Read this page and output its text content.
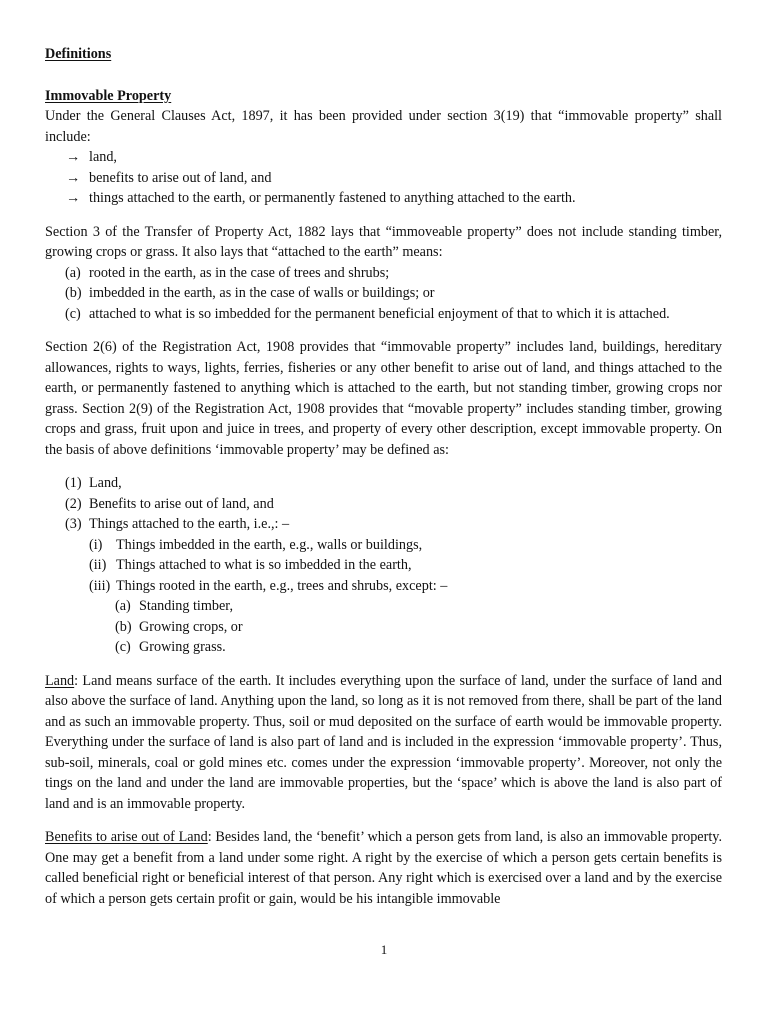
Definitions

Immovable Property

Under the General Clauses Act, 1897, it has been provided under section 3(19) that “immovable property” shall include:

→ land,
→ benefits to arise out of land, and
→ things attached to the earth, or permanently fastened to anything attached to the earth.

Section 3 of the Transfer of Property Act, 1882 lays that “immoveable property” does not include standing timber, growing crops or grass. It also lays that “attached to the earth” means:

(a) rooted in the earth, as in the case of trees and shrubs;
(b) imbedded in the earth, as in the case of walls or buildings; or
(c) attached to what is so imbedded for the permanent beneficial enjoyment of that to which it is attached.

Section 2(6) of the Registration Act, 1908 provides that “immovable property” includes land, buildings, hereditary allowances, rights to ways, lights, ferries, fisheries or any other benefit to arise out of land, and things attached to the earth, or permanently fastened to anything which is attached to the earth, but not standing timber, growing crops nor grass. Section 2(9) of the Registration Act, 1908 provides that “movable property” includes standing timber, growing crops and grass, fruit upon and juice in trees, and property of every other description, except immovable property. On the basis of above definitions ‘immovable property’ may be defined as:

(1) Land,
(2) Benefits to arise out of land, and
(3) Things attached to the earth, i.e.,: –
(i) Things imbedded in the earth, e.g., walls or buildings,
(ii) Things attached to what is so imbedded in the earth,
(iii) Things rooted in the earth, e.g., trees and shrubs, except: –
(a) Standing timber,
(b) Growing crops, or
(c) Growing grass.

Land: Land means surface of the earth. It includes everything upon the surface of land, under the surface of land and also above the surface of land. Anything upon the land, so long as it is not removed from there, shall be part of the land and as such an immovable property. Thus, soil or mud deposited on the surface of earth would be immovable property. Everything under the surface of land is also part of land and is included in the expression ‘immovable property’. Thus, sub-soil, minerals, coal or gold mines etc. comes under the expression ‘immovable property’. Moreover, not only the tings on the land and under the land are immovable properties, but the ‘space’ which is above the land is also part of land and is an immovable property.

Benefits to arise out of Land: Besides land, the ‘benefit’ which a person gets from land, is also an immovable property. One may get a benefit from a land under some right. A right by the exercise of which a person gets certain benefits is called beneficial right or beneficial interest of that person. Any right which is exercised over a land and by the exercise of which a person gets certain profit or gain, would be his intangible immovable

1
